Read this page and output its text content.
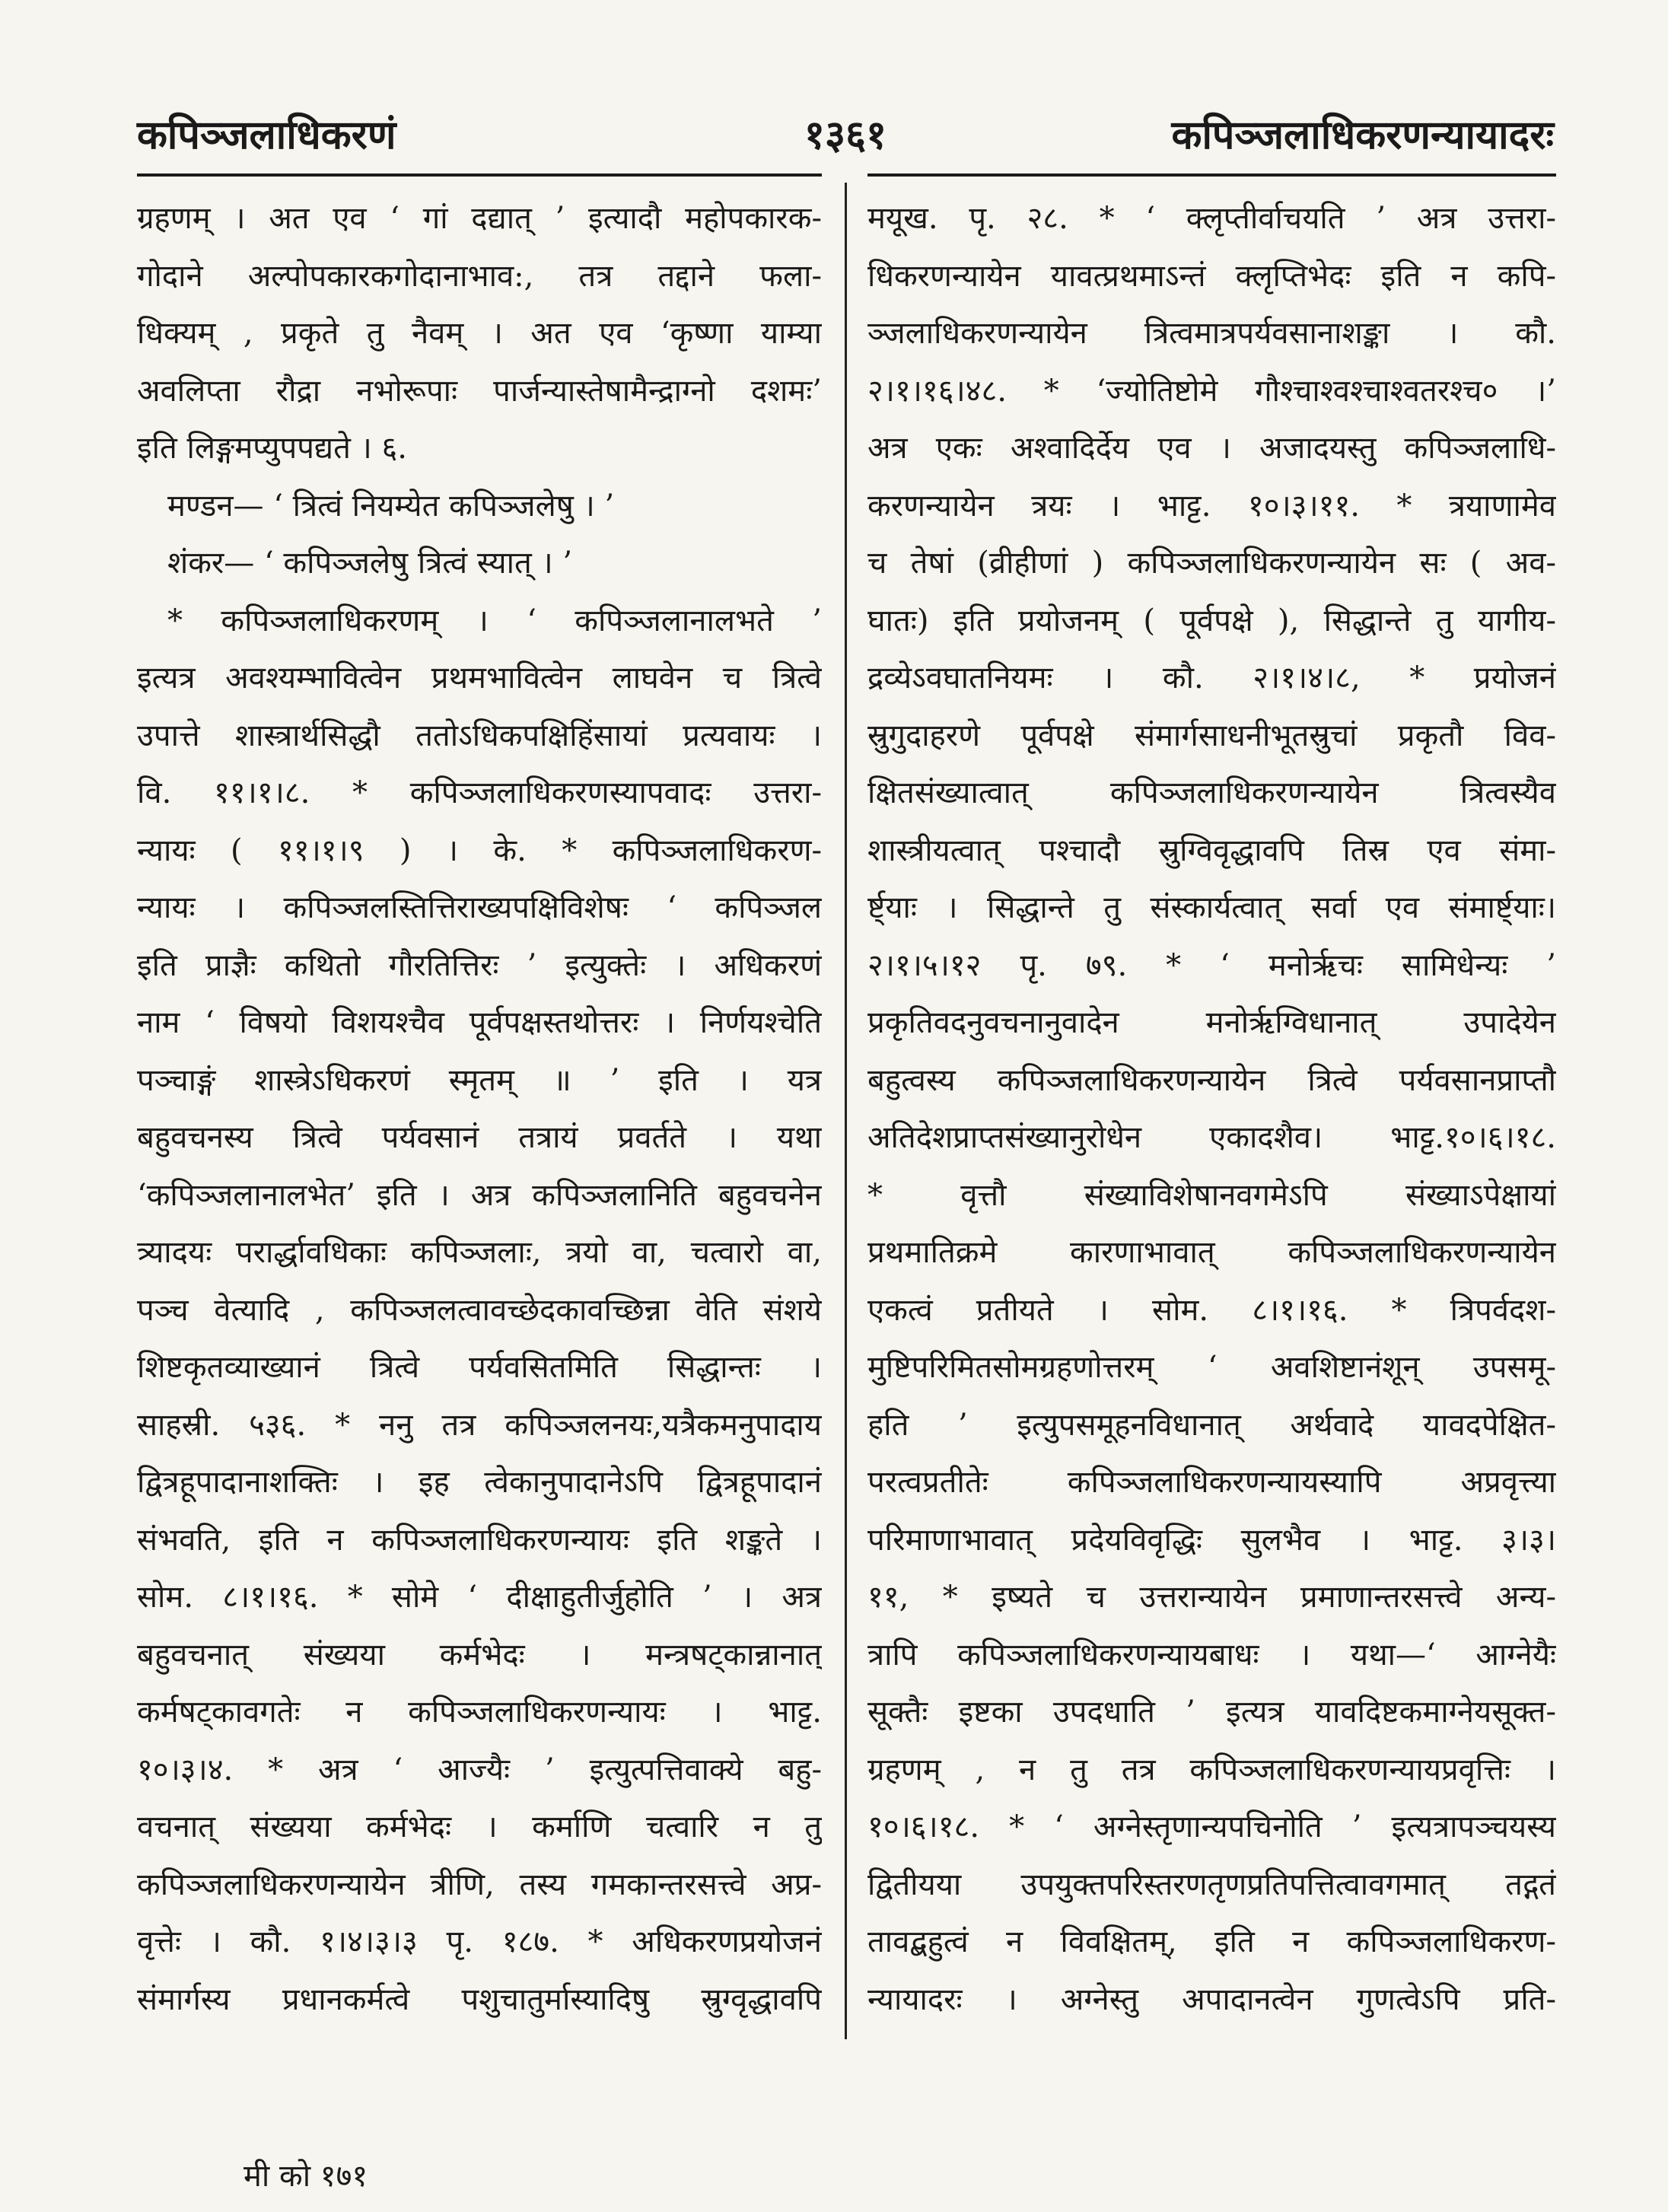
कपिञ्जलाधिकरणं	१३६१	कपिञ्जलाधिकरणन्यायादरः
ग्रहणम् । अत एव ‘ गां दद्यात् ’ इत्यादौ महोपकारक-
गोदाने अल्पोपकारकगोदानाभाव:, तत्र तद्दाने फला-
धिक्यम् , प्रकृते तु नैवम् । अत एव ‘कृष्णा याम्या
अवलिप्ता रौद्रा नभोरूपाः पार्जन्यास्तेषामैन्द्राग्नो दशमः’
इति लिङ्गमप्युपपद्यते । ६.
मण्डन— ‘ त्रित्वं नियम्येत कपिञ्जलेषु । ’
शंकर— ‘ कपिञ्जलेषु त्रित्वं स्यात् । ’
* कपिञ्जलाधिकरणम् । ‘ कपिञ्जलानालभते ’
इत्यत्र अवश्यम्भावित्वेन प्रथमभावित्वेन लाघवेन च त्रित्वे
उपात्ते शास्त्रार्थसिद्धौ ततोऽधिकपक्षिहिंसायां प्रत्यवायः ।
वि. ११।१।८. * कपिञ्जलाधिकरणस्यापवादः उत्तरा-
न्यायः ( ११।१।९ ) । के. * कपिञ्जलाधिकरण-
न्यायः । कपिञ्जलस्तित्तिराख्यपक्षिविशेषः ‘ कपिञ्जल
इति प्राज्ञैः कथितो गौरतित्तिरः ’ इत्युक्तेः । अधिकरणं
नाम ‘ विषयो विशयश्चैव पूर्वपक्षस्तथोत्तरः । निर्णयश्चेति
पञ्चाङ्गं शास्त्रेऽधिकरणं स्मृतम् ॥ ’ इति । यत्र
बहुवचनस्य त्रित्वे पर्यवसानं तत्रायं प्रवर्तते । यथा
‘कपिञ्जलानालभेत’ इति । अत्र कपिञ्जलानिति बहुवचनेन
त्र्यादयः परार्द्धावधिकाः कपिञ्जलाः, त्रयो वा, चत्वारो वा,
पञ्च वेत्यादि , कपिञ्जलत्वावच्छेदकावच्छिन्ना वेति संशये
शिष्टकृतव्याख्यानं त्रित्वे पर्यवसितमिति सिद्धान्तः ।
साहस्री. ५३६. * ननु तत्र कपिञ्जलनयः,यत्रैकमनुपादाय
द्वित्रहूपादानाशक्तिः । इह त्वेकानुपादानेऽपि द्वित्रहूपादानं
संभवति, इति न कपिञ्जलाधिकरणन्यायः इति शङ्कते ।
सोम. ८।१।१६. * सोमे ‘ दीक्षाहुतीर्जुहोति ’ । अत्र
बहुवचनात् संख्यया कर्मभेदः । मन्त्रषट्कान्नानात्
कर्मषट्कावगतेः न कपिञ्जलाधिकरणन्यायः । भाट्ट.
१०।३।४. * अत्र ‘ आज्यैः ’ इत्युत्पत्तिवाक्ये बहु-
वचनात् संख्यया कर्मभेदः । कर्माणि चत्वारि न तु
कपिञ्जलाधिकरणन्यायेन त्रीणि, तस्य गमकान्तरसत्त्वे अप्र-
वृत्तेः । कौ. १।४।३।३ पृ. १८७. * अधिकरणप्रयोजनं
संमार्गस्य प्रधानकर्मत्वे पशुचातुर्मास्यादिषु स्रुग्वृद्धावपि
मयूख. पृ. २८. * ‘ क्लृप्तीर्वाचयति ’ अत्र उत्तरा-
धिकरणन्यायेन यावत्प्रथमाऽन्तं क्लृप्तिभेदः इति न कपि-
ञ्जलाधिकरणन्यायेन त्रित्वमात्रपर्यवसानाशङ्का । कौ.
२।१।१६।४८. * ‘ज्योतिष्टोमे गौश्चाश्वश्चाश्वतरश्च० ।’
अत्र एकः अश्वादिर्देय एव । अजादयस्तु कपिञ्जलाधि-
करणन्यायेन त्रयः । भाट्ट. १०।३।११. * त्रयाणामेव
च तेषां (व्रीहीणां ) कपिञ्जलाधिकरणन्यायेन सः ( अव-
घातः) इति प्रयोजनम् ( पूर्वपक्षे ), सिद्धान्ते तु यागीय-
द्रव्येऽवघातनियमः । कौ. २।१।४।८, * प्रयोजनं
स्रुगुदाहरणे पूर्वपक्षे संमार्गसाधनीभूतस्रुचां प्रकृतौ विव-
क्षितसंख्यात्वात् कपिञ्जलाधिकरणन्यायेन त्रित्वस्यैव
शास्त्रीयत्वात् पश्चादौ स्रुग्विवृद्धावपि तिस्र एव संमा-
र्ष्ट्याः । सिद्धान्ते तु संस्कार्यत्वात् सर्वा एव संमार्ष्ट्याः।
२।१।५।१२ पृ. ७९. * ‘ मनोर्ऋचः सामिधेन्यः ’
प्रकृतिवदनुवचनानुवादेन मनोर्ऋग्विधानात् उपादेयेन
बहुत्वस्य कपिञ्जलाधिकरणन्यायेन त्रित्वे पर्यवसानप्राप्तौ
अतिदेशप्राप्तसंख्यानुरोधेन एकादशैव। भाट्ट.१०।६।१८.
* वृत्तौ संख्याविशेषानवगमेऽपि संख्याऽपेक्षायां
प्रथमातिक्रमे कारणाभावात् कपिञ्जलाधिकरणन्यायेन
एकत्वं प्रतीयते । सोम. ८।१।१६. * त्रिपर्वदश-
मुष्टिपरिमितसोमग्रहणोत्तरम् ‘ अवशिष्टानंशून् उपसमू-
हति ’ इत्युपसमूहनविधानात् अर्थवादे यावदपेक्षित-
परत्वप्रतीतेः कपिञ्जलाधिकरणन्यायस्यापि अप्रवृत्त्या
परिमाणाभावात् प्रदेयविवृद्धिः सुलभैव । भाट्ट. ३।३।
११, * इष्यते च उत्तरान्यायेन प्रमाणान्तरसत्त्वे अन्य-
त्रापि कपिञ्जलाधिकरणन्यायबाधः । यथा—‘ आग्नेयैः
सूक्तैः इष्टका उपदधाति ’ इत्यत्र यावदिष्टकमाग्नेयसूक्त-
ग्रहणम् , न तु तत्र कपिञ्जलाधिकरणन्यायप्रवृत्तिः ।
१०।६।१८. * ‘ अग्नेस्तृणान्यपचिनोति ’ इत्यत्रापञ्चयस्य
द्वितीयया उपयुक्तपरिस्तरणतृणप्रतिपत्तित्वावगमात् तद्गतं
तावद्बहुत्वं न विवक्षितम्, इति न कपिञ्जलाधिकरण-
न्यायादरः । अग्नेस्तु अपादानत्वेन गुणत्वेऽपि प्रति-
मी को १७१
